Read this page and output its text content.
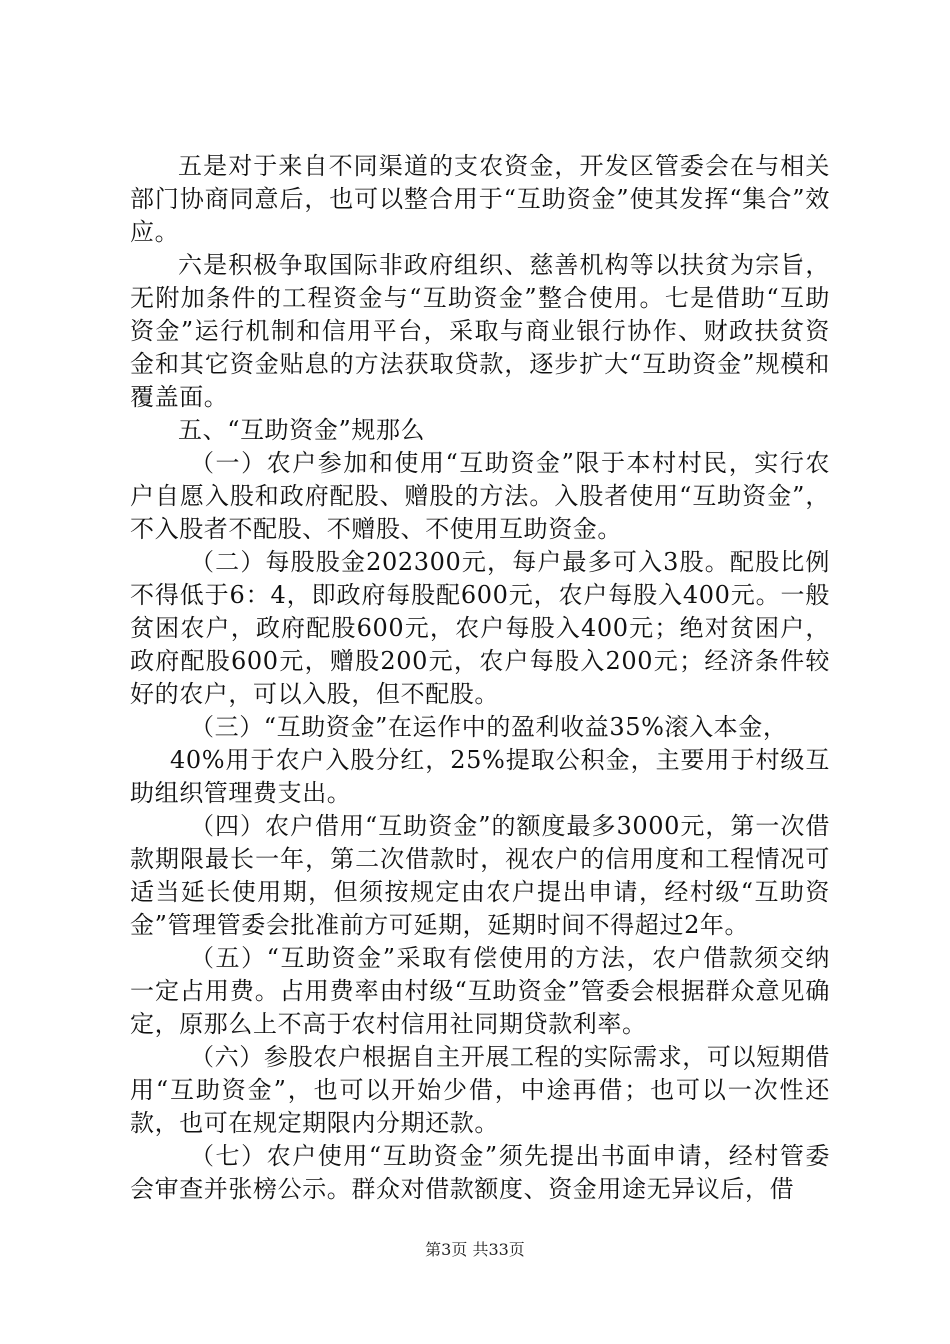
五是对于来自不同渠道的支农资金，开发区管委会在与相关部门协商同意后，也可以整合用于“互助资金”使其发挥“集合”效应。

六是积极争取国际非政府组织、慈善机构等以扶贫为宗旨，无附加条件的工程资金与“互助资金”整合使用。七是借助“互助资金”运行机制和信用平台，采取与商业银行协作、财政扶贫资金和其它资金贴息的方法获取贷款，逐步扩大“互助资金”规模和覆盖面。

五、“互助资金”规那么

（一）农户参加和使用“互助资金”限于本村村民，实行农户自愿入股和政府配股、赠股的方法。入股者使用“互助资金”，不入股者不配股、不赠股、不使用互助资金。

（二）每股股金202300元，每户最多可入3股。配股比例不得低于6：4，即政府每股配600元，农户每股入400元。一般贫困农户，政府配股600元，农户每股入400元；绝对贫困户，政府配股600元，赠股200元，农户每股入200元；经济条件较好的农户，可以入股，但不配股。

（三）“互助资金”在运作中的盈利收益35%滚入本金，

40%用于农户入股分红，25%提取公积金，主要用于村级互助组织管理费支出。

（四）农户借用“互助资金”的额度最多3000元，第一次借款期限最长一年，第二次借款时，视农户的信用度和工程情况可适当延长使用期，但须按规定由农户提出申请，经村级“互助资金”管理管委会批准前方可延期，延期时间不得超过2年。

（五）“互助资金”采取有偿使用的方法，农户借款须交纳一定占用费。占用费率由村级“互助资金”管委会根据群众意见确定，原那么上不高于农村信用社同期贷款利率。

（六）参股农户根据自主开展工程的实际需求，可以短期借用“互助资金”，也可以开始少借，中途再借；也可以一次性还款，也可在规定期限内分期还款。

（七）农户使用“互助资金”须先提出书面申请，经村管委会审查并张榜公示。群众对借款额度、资金用途无异议后，借

第3页 共33页
